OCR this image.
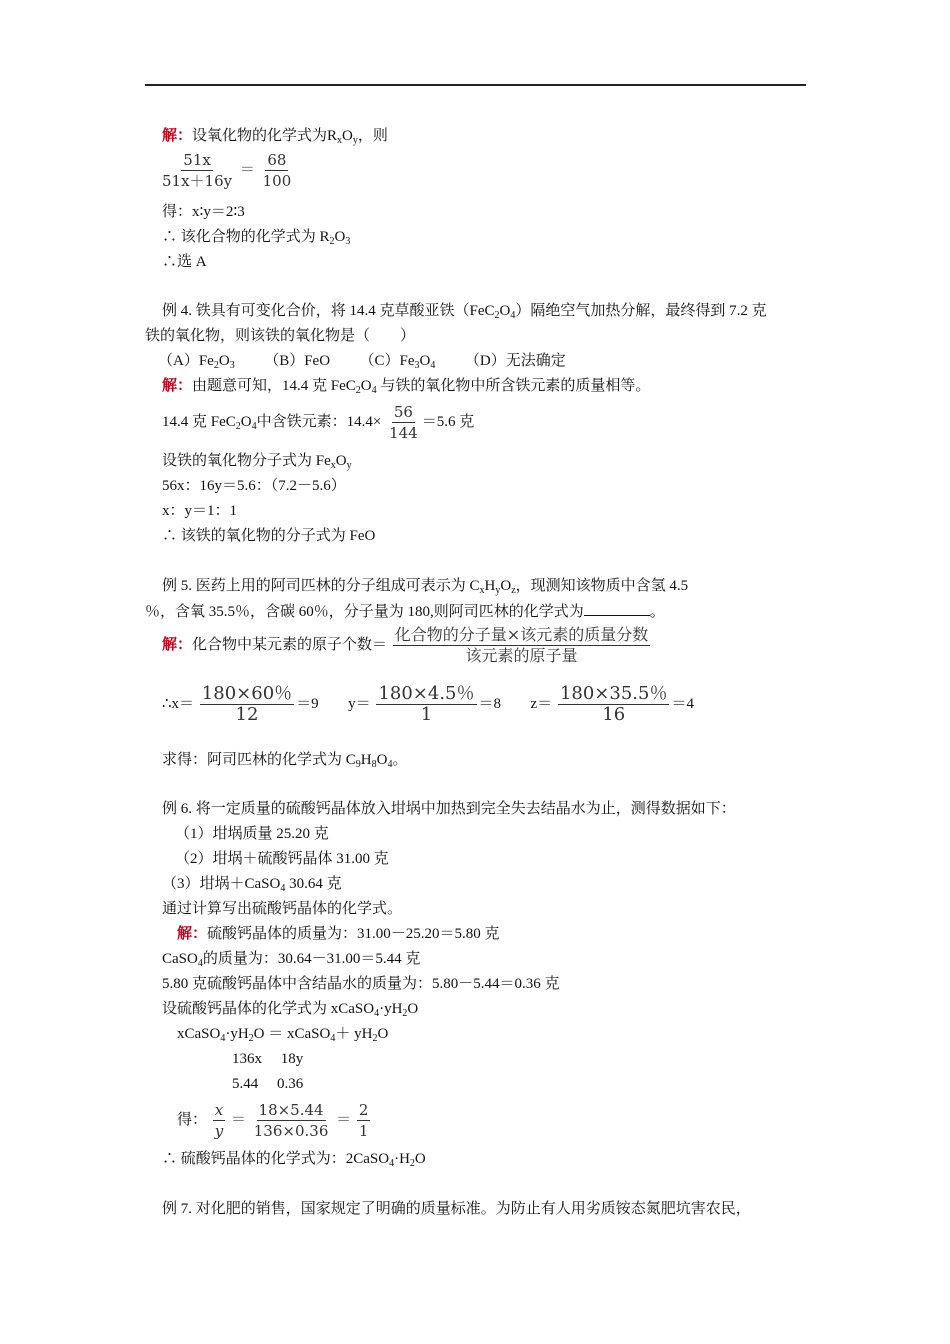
解：设氧化物的化学式为$R_xO_y$，则
$\frac{51x}{51x+16y} = \frac{68}{100}$
得：x∶y＝2∶3
∴ 该化合物的化学式为 $R_2O_3$
∴选 A
例 4. 铁具有可变化合价，将 14.4 克草酸亚铁$(FeC_2O_4)$隔绝空气加热分解，最终得到 7.2 克
铁的氧化物，则该铁的氧化物是（　　）
$(A)Fe_2O_3$ （B）FeO $(C)Fe_3O_4$ （D）无法确定
解：由题意可知，14.4 克 $FeC_2O_4$ 与铁的氧化物中所含铁元素的质量相等。
14.4 克 $FeC_2O_4$中含铁元素：$14.4\times \frac{56}{144} =5.6$ 克
设铁的氧化物分子式为 $Fe_xO_y$
56x：16y＝5.6：（7.2－5.6）
x：y＝1：1
∴ 该铁的氧化物的分子式为 FeO
例 5. 医药上用的阿司匹林的分子组成可表示为 $C_xH_yO_z$，现测知该物质中含氢 4.5
％，含氧 35.5％，含碳 60％，分子量为 180,则阿司匹林的化学式为	。
解：化合物中某元素的原子个数＝ $\frac{\text{化合物的分子量×该元素的质量分数}}{\text{该元素的原子量}}$
∴x＝ $\frac{180\times 60\%}{12} =9$ $y= \frac{180\times 4.5\%}{1} =8$ $z= \frac{180\times 35.5\%}{16} =4$
求得：阿司匹林的化学式为 $C_9H_8O_4$。
例 6. 将一定质量的硫酸钙晶体放入坩埚中加热到完全失去结晶水为止，测得数据如下：
（1）坩埚质量 25.20 克
（2）坩埚＋硫酸钙晶体 31.00 克
（3）坩埚＋CaSO$_4$ 30.64 克
通过计算写出硫酸钙晶体的化学式。
解：硫酸钙晶体的质量为：31.00－25.20＝5.80 克
CaSO$_4$的质量为：30.64－31.00＝5.44 克
5.80 克硫酸钙晶体中含结晶水的质量为：5.80－5.44＝0.36 克
设硫酸钙晶体的化学式为 $xCaSO_4\cdot yH_2O$
$xCaSO_4\cdot yH_2O$ ＝ xCaSO$_4$＋ $yH_2O$
136x　 18y
5.44　 0.36
得： $\frac{x}{y} = \frac{18\times 5.44}{136\times 0.36} = \frac{2}{1}$
∴ 硫酸钙晶体的化学式为：$2CaSO_4\cdot H_2O$
例 7. 对化肥的销售，国家规定了明确的质量标准。为防止有人用劣质铵态氮肥坑害农民，
